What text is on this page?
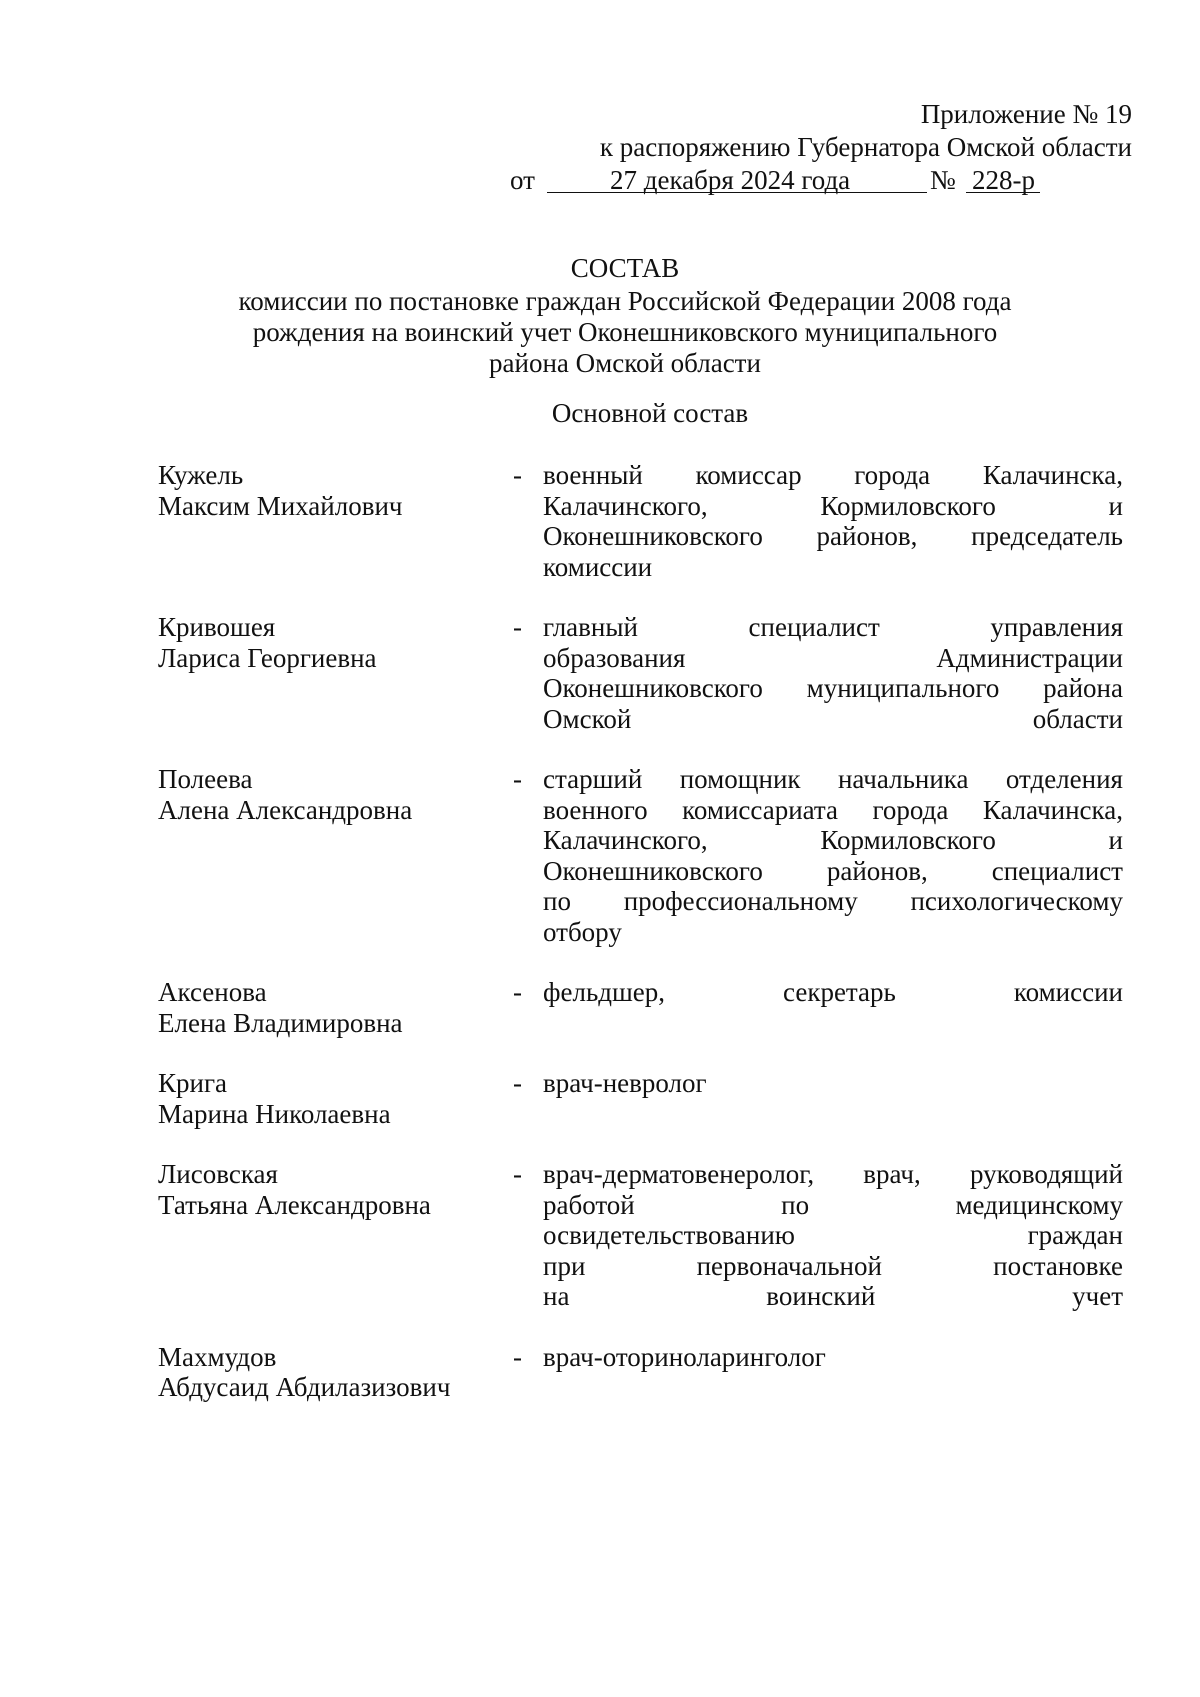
Приложение № 19
к распоряжению Губернатора Омской области
от	27 декабря 2024 года	№ 228-р
СОСТАВ
комиссии по постановке граждан Российской Федерации 2008 года
рождения на воинский учет Оконешниковского муниципального
района Омской области
Основной состав
Кужель
Максим Михайлович
- военный комиссар города Калачинска,
Калачинского,	Кормиловского	и
Оконешниковского районов, председатель
комиссии
Кривошея
Лариса Георгиевна
- главный	специалист	управления
образования	Администрации
Оконешниковского муниципального района
Омской области
Полеева
Алена Александровна
- старший помощник начальника отделения
военного комиссариата города Калачинска,
Калачинского,	Кормиловского	и
Оконешниковского районов, специалист
по профессиональному психологическому
отбору
Аксенова
Елена Владимировна
- фельдшер, секретарь комиссии
Крига
Марина Николаевна
- врач-невролог
Лисовская
Татьяна Александровна
- врач-дерматовенеролог, врач, руководящий
работой	по	медицинскому
освидетельствованию	граждан
при	первоначальной	постановке
на воинский учет
Махмудов
Абдусаид Абдилазизович
- врач-оториноларинголог
